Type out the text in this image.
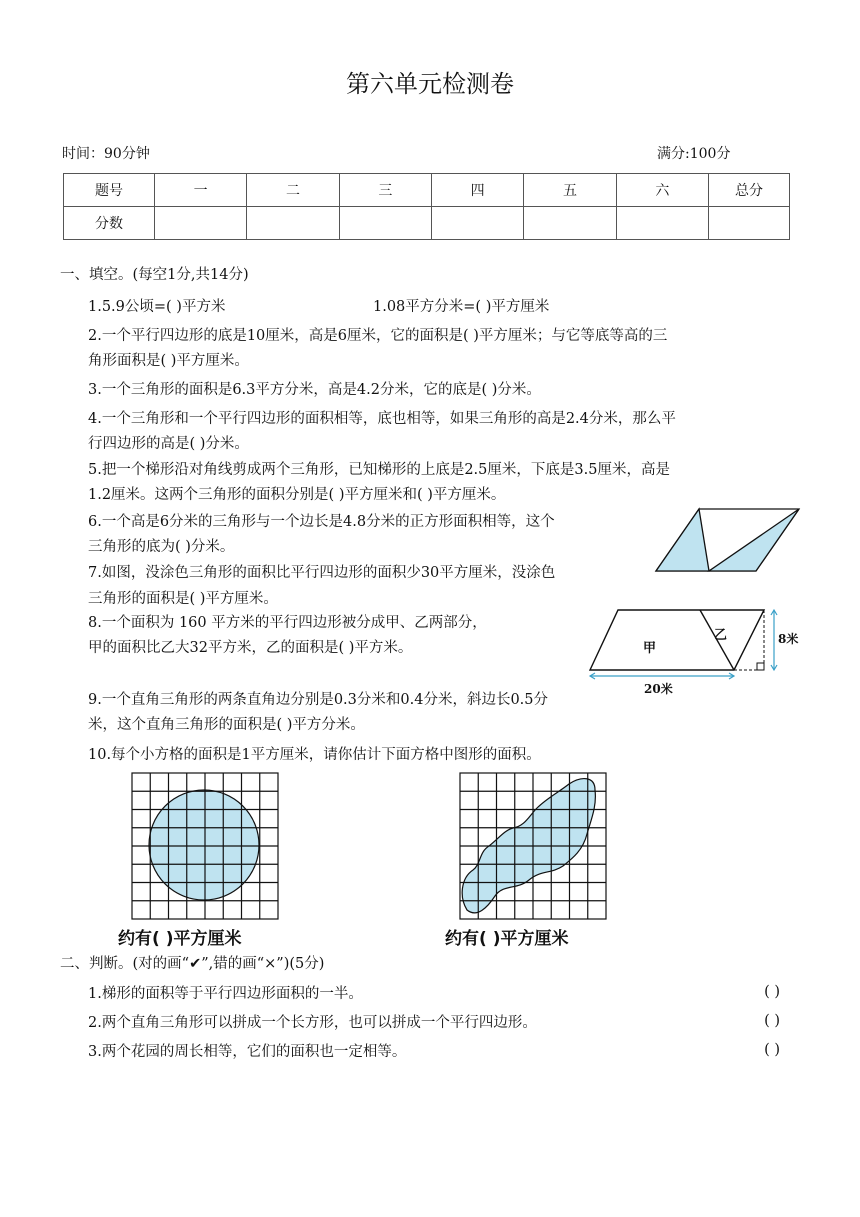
第六单元检测卷
时间：90分钟	满分:100分
题号	一	二	三	四	五	六	总分
分数							
一、填空。(每空1分,共14分)
1.5.9公顷=( )平方米	1.08平方分米=( )平方厘米
2.一个平行四边形的底是10厘米，高是6厘米，它的面积是( )平方厘米；与它等底等高的三
角形面积是( )平方厘米。
3.一个三角形的面积是6.3平方分米，高是4.2分米，它的底是( )分米。
4.一个三角形和一个平行四边形的面积相等，底也相等，如果三角形的高是2.4分米，那么平
行四边形的高是( )分米。
5.把一个梯形沿对角线剪成两个三角形，已知梯形的上底是2.5厘米，下底是3.5厘米，高是
1.2厘米。这两个三角形的面积分别是( )平方厘米和( )平方厘米。
6.一个高是6分米的三角形与一个边长是4.8分米的正方形面积相等，这个
三角形的底为( )分米。
7.如图，没涂色三角形的面积比平行四边形的面积少30平方厘米，没涂色
三角形的面积是( )平方厘米。
8.一个面积为 160 平方米的平行四边形被分成甲、乙两部分，
甲的面积比乙大32平方米，乙的面积是( )平方米。	甲
乙	8米
20米
9.一个直角三角形的两条直角边分别是0.3分米和0.4分米，斜边长0.5分
米，这个直角三角形的面积是( )平方分米。
10.每个小方格的面积是1平方厘米，请你估计下面方格中图形的面积。
约有( )平方厘米	约有( )平方厘米
二、判断。(对的画“✔”,错的画“×”)(5分)
1.梯形的面积等于平行四边形面积的一半。	( )
2.两个直角三角形可以拼成一个长方形，也可以拼成一个平行四边形。	( )
3.两个花园的周长相等，它们的面积也一定相等。	( )
